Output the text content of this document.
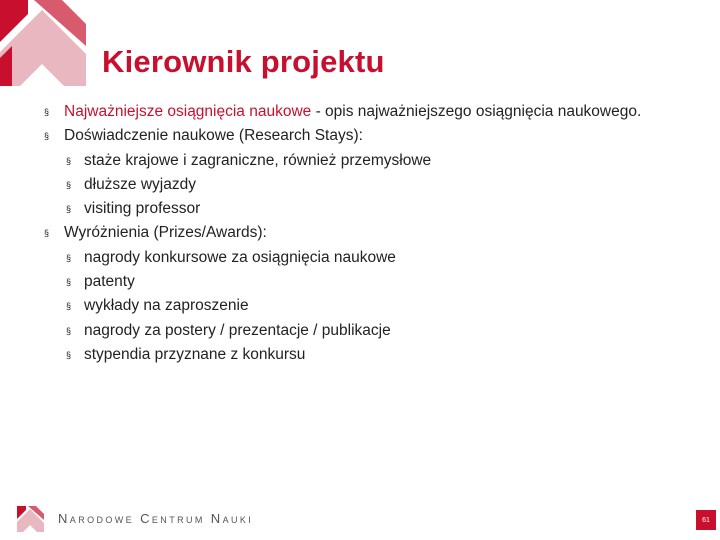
Kierownik projektu
§ Najważniejsze osiągnięcia naukowe - opis najważniejszego osiągnięcia naukowego.
§ Doświadczenie naukowe (Research Stays):
§ staże krajowe i zagraniczne, również przemysłowe
§ dłuższe wyjazdy
§ visiting professor
§ Wyróżnienia (Prizes/Awards):
§ nagrody konkursowe za osiągnięcia naukowe
§ patenty
§ wykłady na zaproszenie
§ nagrody za postery / prezentacje / publikacje
§ stypendia przyznane z konkursu
Narodowe Centrum Nauki	61
